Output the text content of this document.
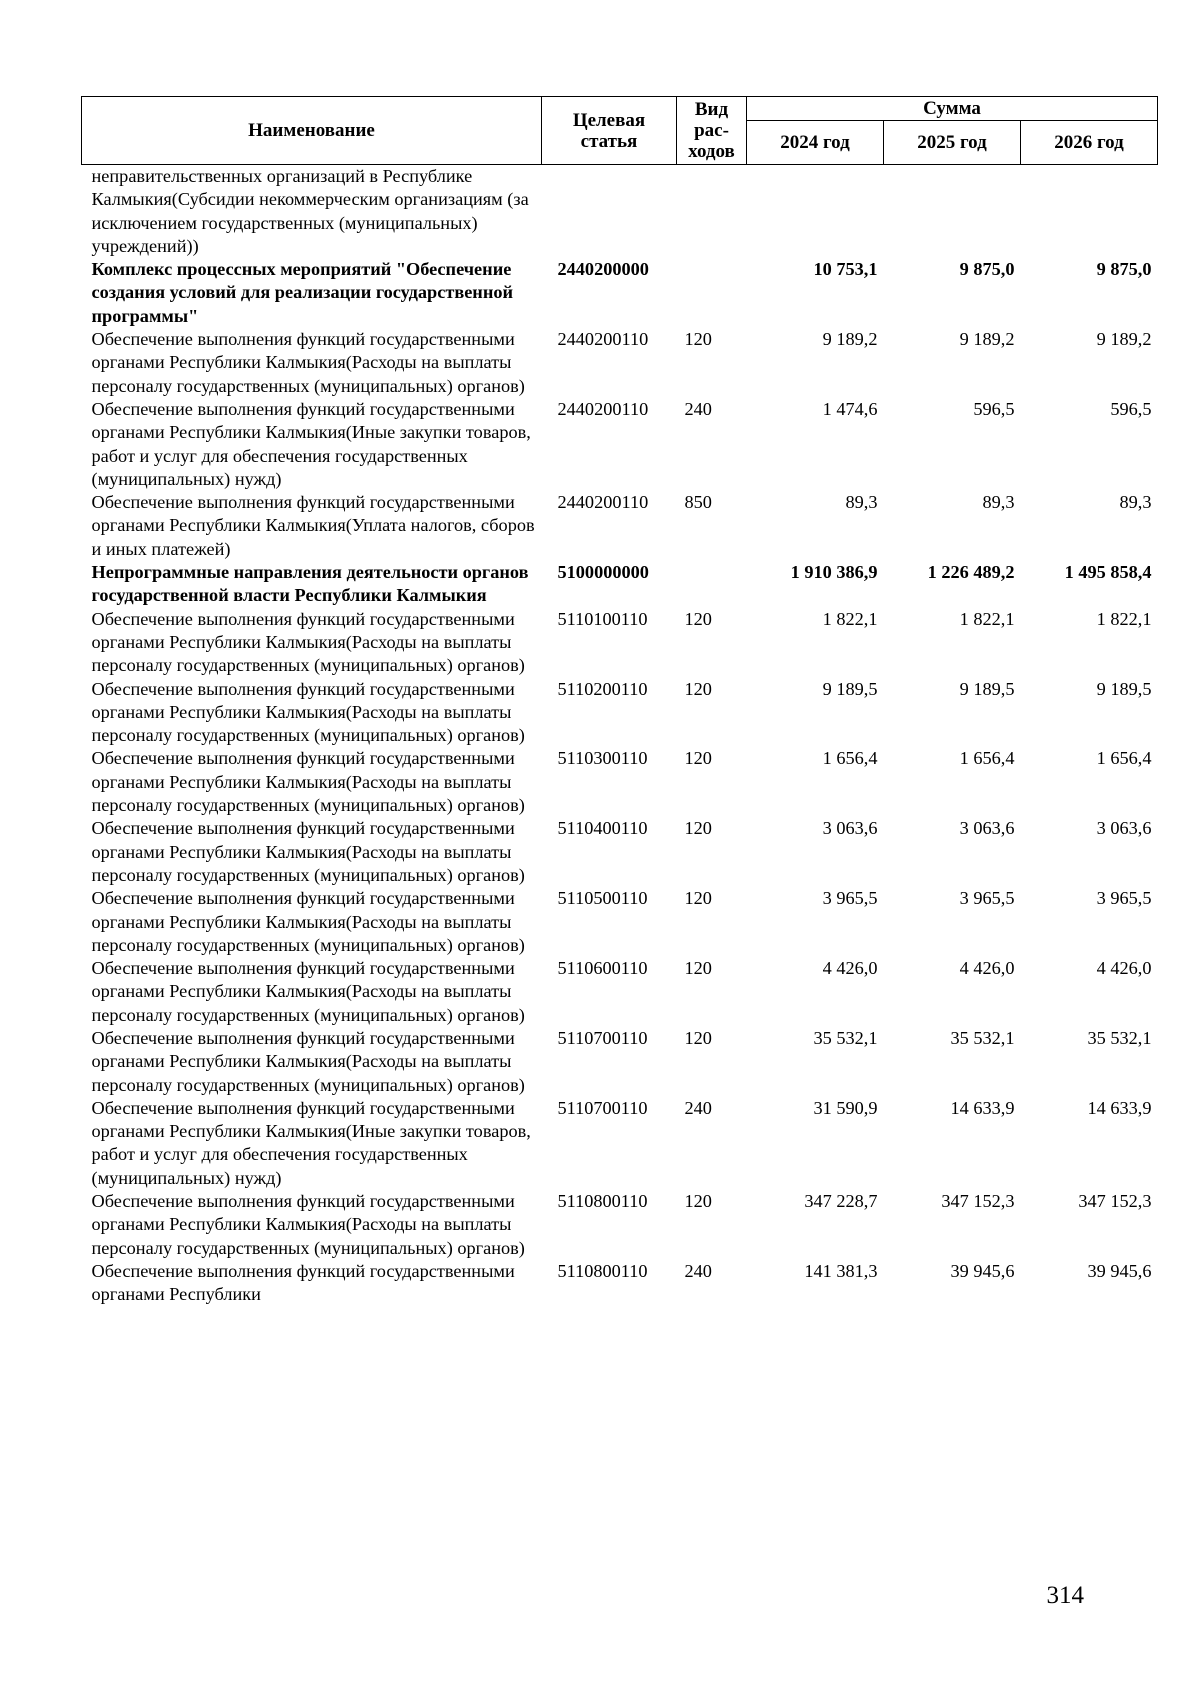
Наименование	Целевая статья	Вид рас-ходов	Сумма		
			2024 год	2025 год	2026 год
неправительственных организаций в Республике Калмыкия(Субсидии некоммерческим организациям (за исключением государственных (муниципальных) учреждений))					
Комплекс процессных мероприятий "Обеспечение создания условий для реализации государственной программы"	2440200000		10 753,1	9 875,0	9 875,0
Обеспечение выполнения функций государственными органами Республики Калмыкия(Расходы на выплаты персоналу государственных (муниципальных) органов)	2440200110	120	9 189,2	9 189,2	9 189,2
Обеспечение выполнения функций государственными органами Республики Калмыкия(Иные закупки товаров, работ и услуг для обеспечения государственных (муниципальных) нужд)	2440200110	240	1 474,6	596,5	596,5
Обеспечение выполнения функций государственными органами Республики Калмыкия(Уплата налогов, сборов и иных платежей)	2440200110	850	89,3	89,3	89,3
Непрограммные направления деятельности органов государственной власти Республики Калмыкия	5100000000		1 910 386,9	1 226 489,2	1 495 858,4
Обеспечение выполнения функций государственными органами Республики Калмыкия(Расходы на выплаты персоналу государственных (муниципальных) органов)	5110100110	120	1 822,1	1 822,1	1 822,1
Обеспечение выполнения функций государственными органами Республики Калмыкия(Расходы на выплаты персоналу государственных (муниципальных) органов)	5110200110	120	9 189,5	9 189,5	9 189,5
Обеспечение выполнения функций государственными органами Республики Калмыкия(Расходы на выплаты персоналу государственных (муниципальных) органов)	5110300110	120	1 656,4	1 656,4	1 656,4
Обеспечение выполнения функций государственными органами Республики Калмыкия(Расходы на выплаты персоналу государственных (муниципальных) органов)	5110400110	120	3 063,6	3 063,6	3 063,6
Обеспечение выполнения функций государственными органами Республики Калмыкия(Расходы на выплаты персоналу государственных (муниципальных) органов)	5110500110	120	3 965,5	3 965,5	3 965,5
Обеспечение выполнения функций государственными органами Республики Калмыкия(Расходы на выплаты персоналу государственных (муниципальных) органов)	5110600110	120	4 426,0	4 426,0	4 426,0
Обеспечение выполнения функций государственными органами Республики Калмыкия(Расходы на выплаты персоналу государственных (муниципальных) органов)	5110700110	120	35 532,1	35 532,1	35 532,1
Обеспечение выполнения функций государственными органами Республики Калмыкия(Иные закупки товаров, работ и услуг для обеспечения государственных (муниципальных) нужд)	5110700110	240	31 590,9	14 633,9	14 633,9
Обеспечение выполнения функций государственными органами Республики Калмыкия(Расходы на выплаты персоналу государственных (муниципальных) органов)	5110800110	120	347 228,7	347 152,3	347 152,3
Обеспечение выполнения функций государственными органами Республики	5110800110	240	141 381,3	39 945,6	39 945,6
314
